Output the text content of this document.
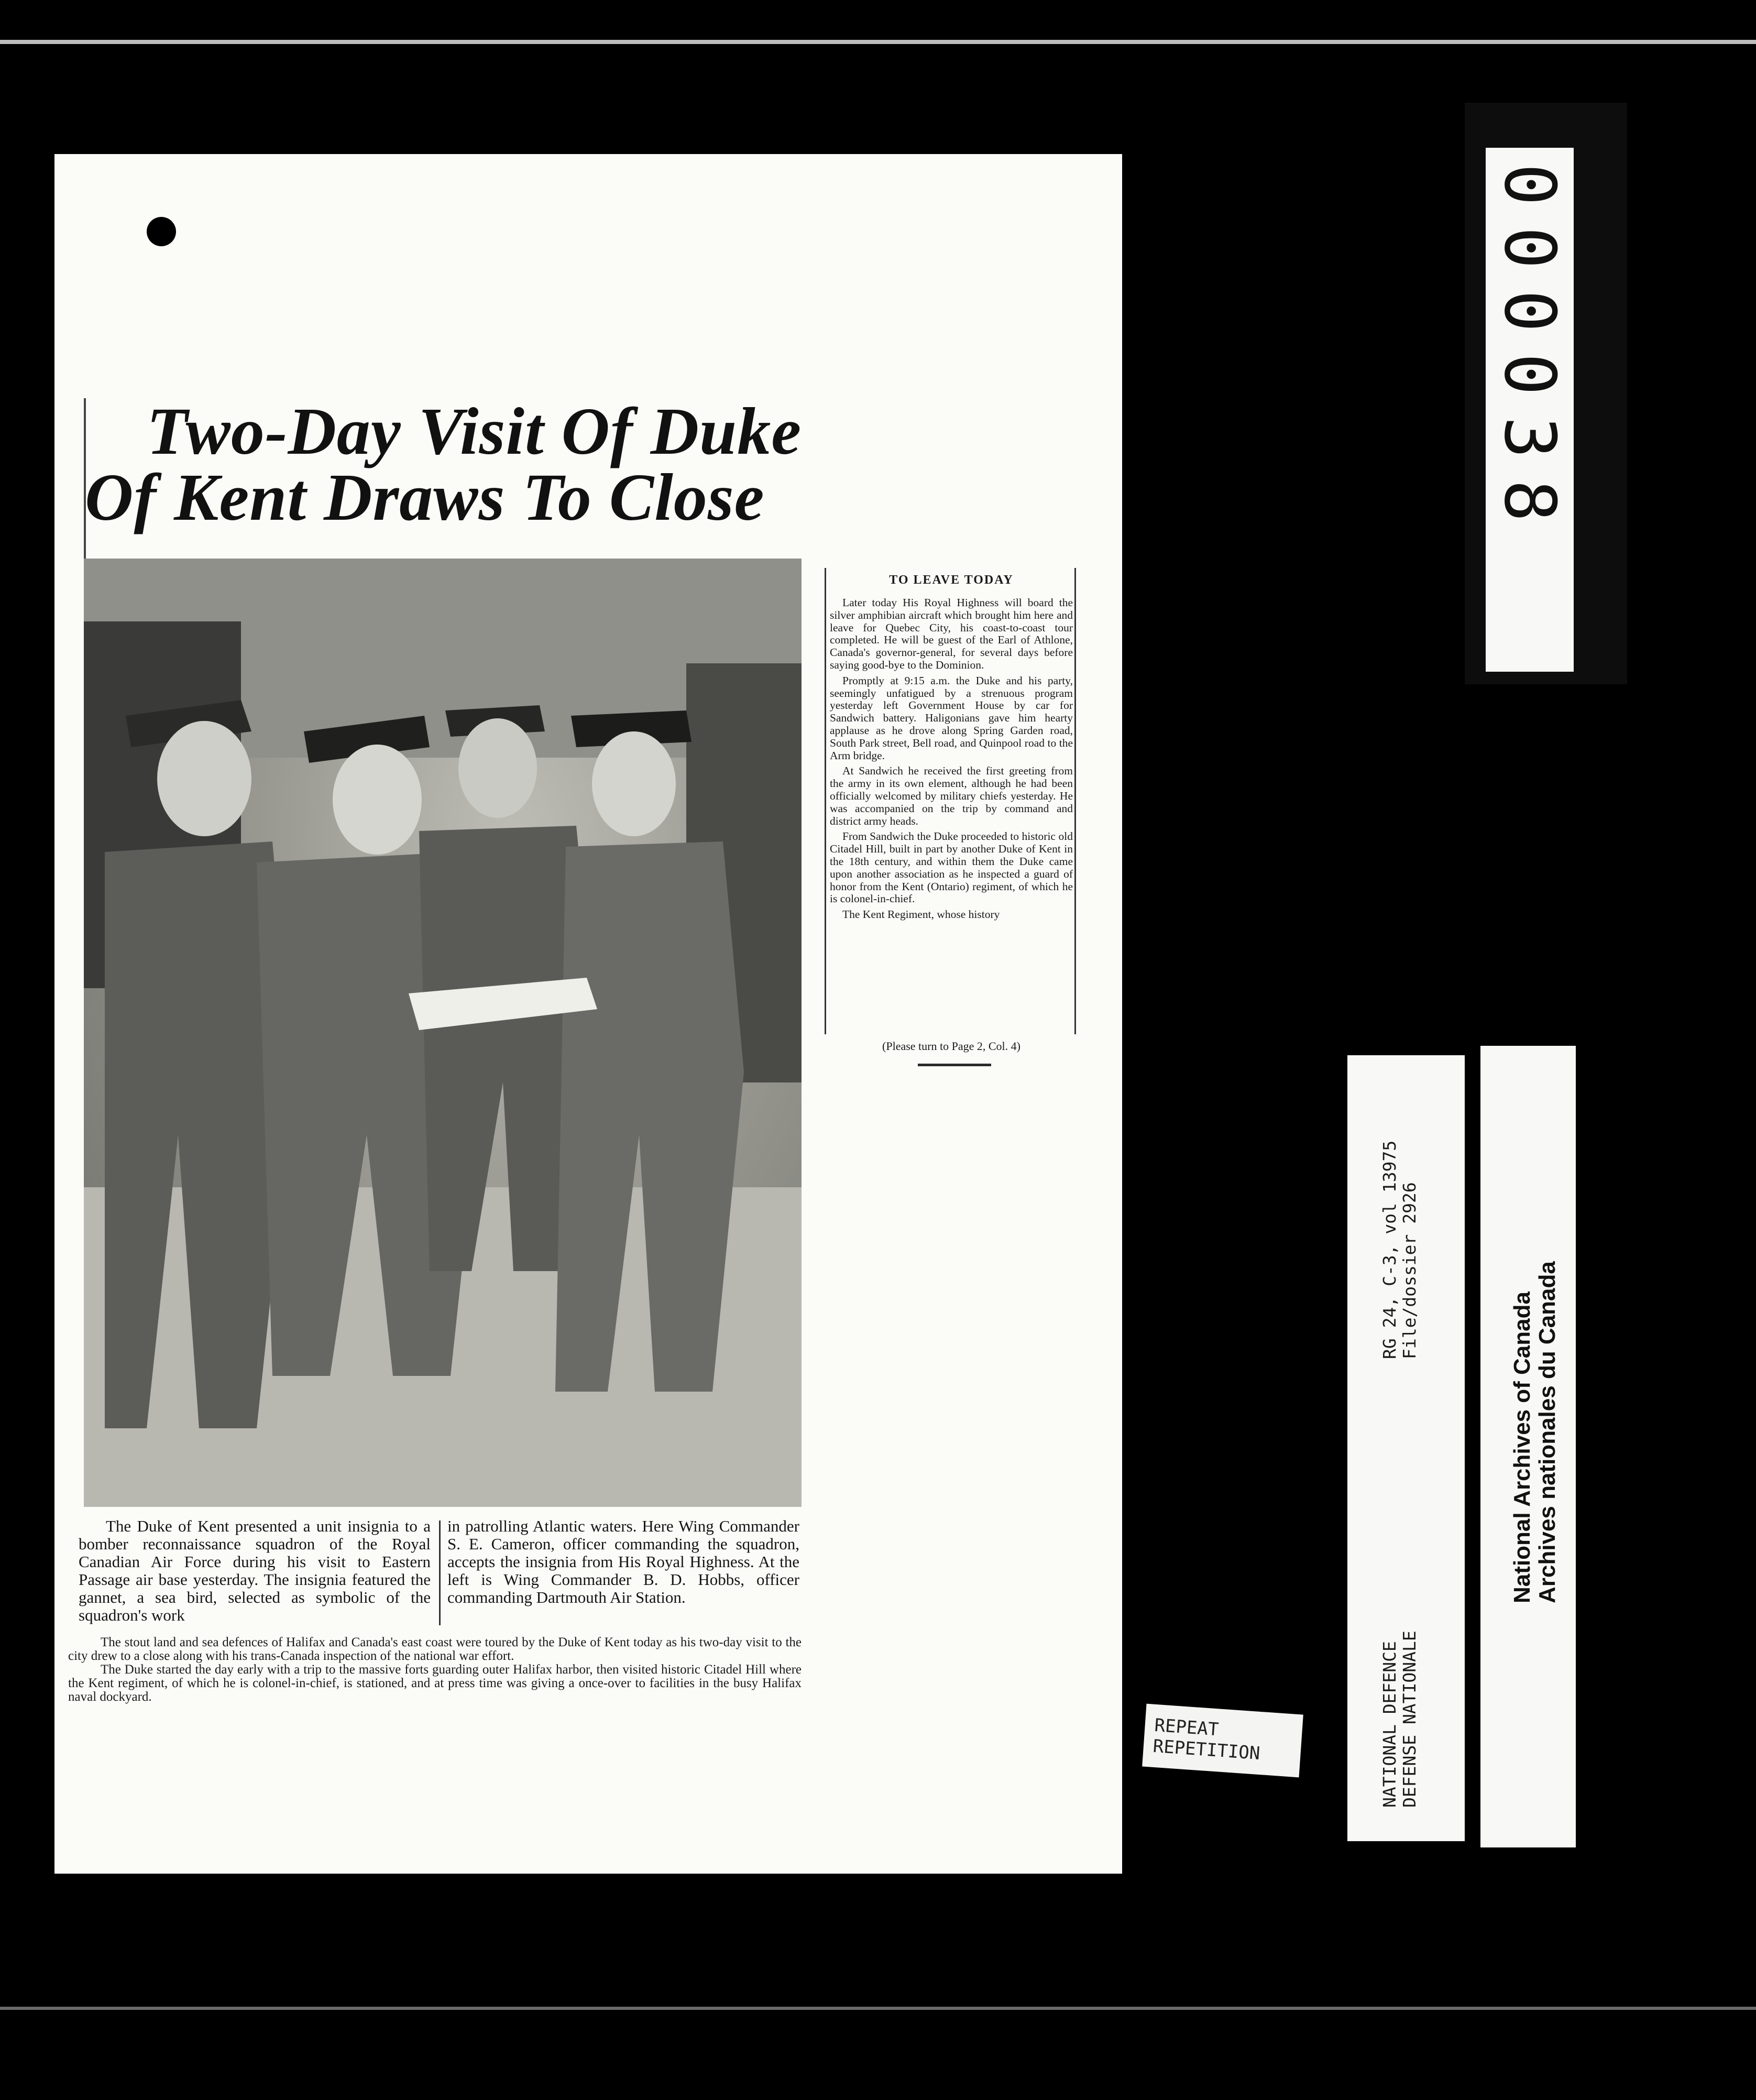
Two-Day Visit Of Duke
Of Kent Draws To Close
TO LEAVE TODAY

Later today His Royal Highness will board the silver amphibian aircraft which brought him here and leave for Quebec City, his coast-to-coast tour completed. He will be guest of the Earl of Athlone, Canada's governor-general, for several days before saying good-bye to the Dominion.

Promptly at 9:15 a.m. the Duke and his party, seemingly unfatigued by a strenuous program yesterday left Government House by car for Sandwich battery. Haligonians gave him hearty applause as he drove along Spring Garden road, South Park street, Bell road, and Quinpool road to the Arm bridge.

At Sandwich he received the first greeting from the army in its own element, although he had been officially welcomed by military chiefs yesterday. He was accompanied on the trip by command and district army heads.

From Sandwich the Duke proceeded to historic old Citadel Hill, built in part by another Duke of Kent in the 18th century, and within them the Duke came upon another association as he inspected a guard of honor from the Kent (Ontario) regiment, of which he is colonel-in-chief.

The Kent Regiment, whose history

(Please turn to Page 2, Col. 4)
The Duke of Kent presented a unit insignia to a bomber reconnaissance squadron of the Royal Canadian Air Force during his visit to Eastern Passage air base yesterday. The insignia featured the gannet, a sea bird, selected as symbolic of the squadron's work
in patrolling Atlantic waters. Here Wing Commander S. E. Cameron, officer commanding the squadron, accepts the insignia from His Royal Highness. At the left is Wing Commander B. D. Hobbs, officer commanding Dartmouth Air Station.

The stout land and sea defences of Halifax and Canada's east coast were toured by the Duke of Kent today as his two-day visit to the city drew to a close along with his trans-Canada inspection of the national war effort.

The Duke started the day early with a trip to the massive forts guarding outer Halifax harbor, then visited historic Citadel Hill where the Kent regiment, of which he is colonel-in-chief, is stationed, and at press time was giving a once-over to facilities in the busy Halifax naval dockyard.

000038
NATIONAL DEFENCE
DEFENSE NATIONALE
RG 24, C-3, vol 13975
File/dossier 2926
National Archives of Canada
Archives nationales du Canada
REPEAT
REPETITION
